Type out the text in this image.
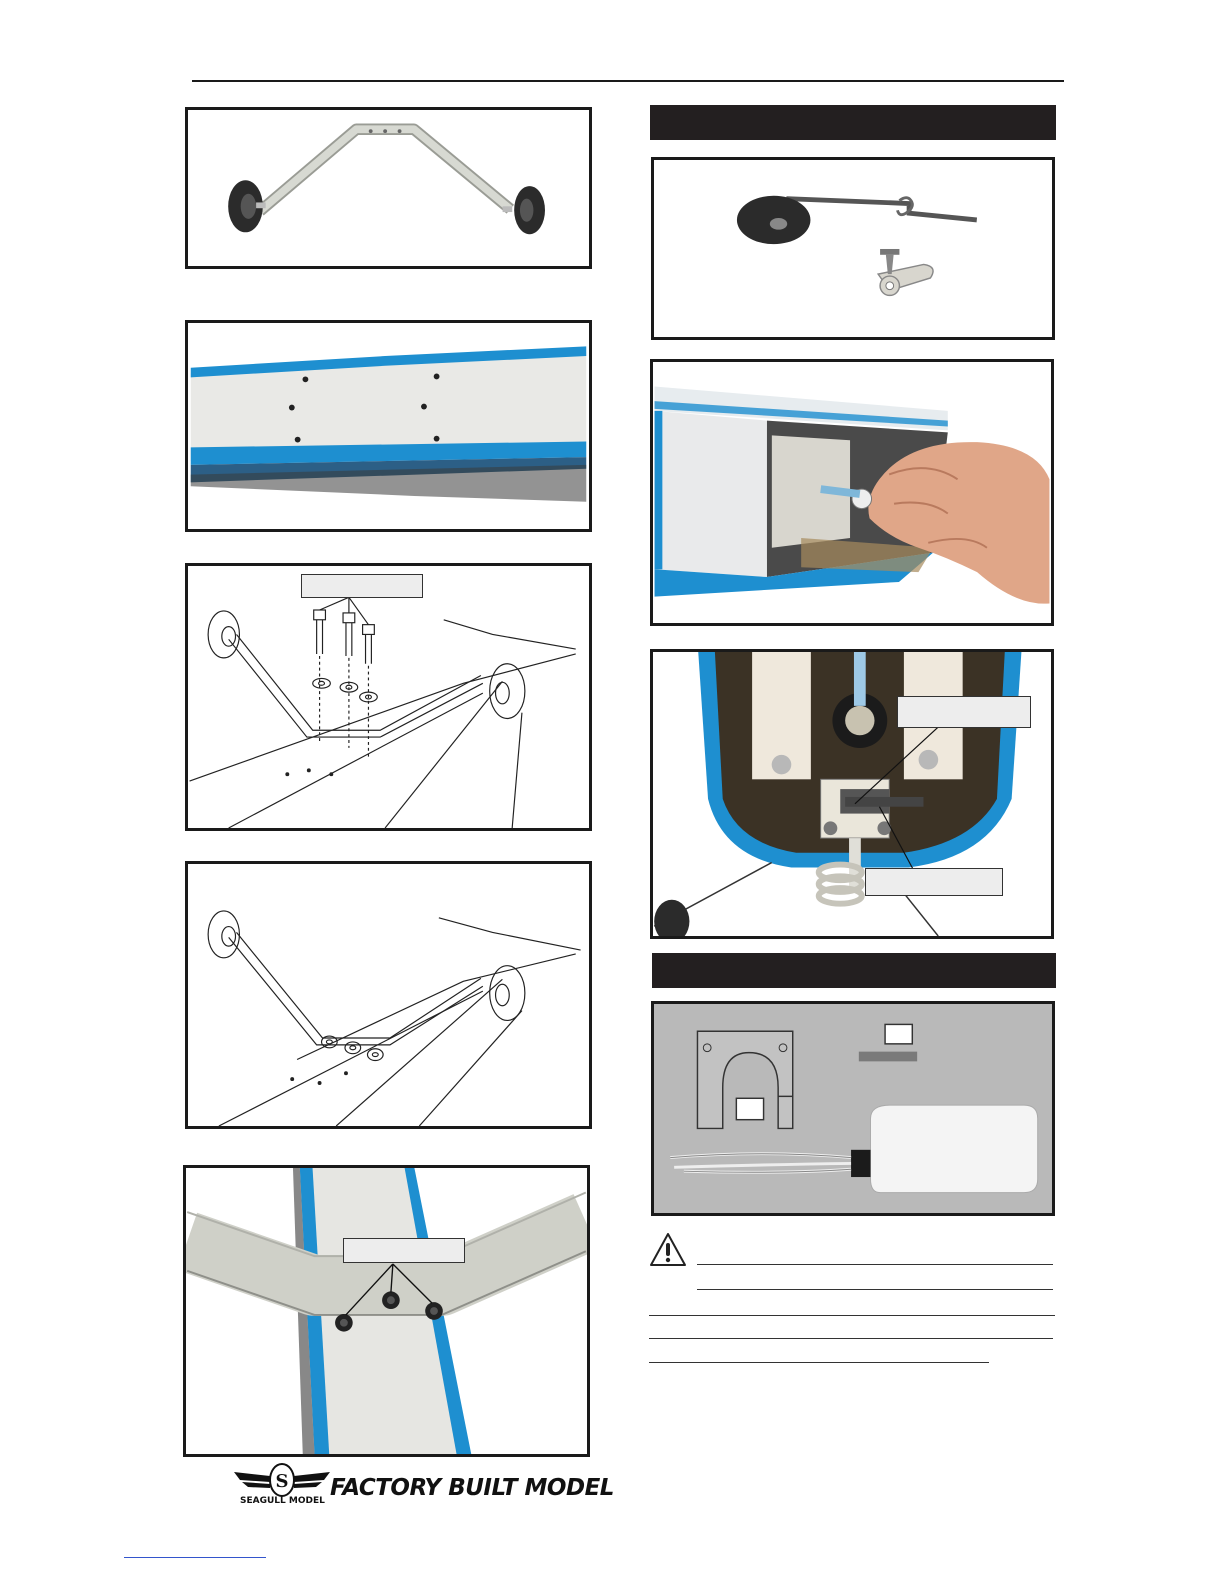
S
SEAGULL MODEL FACTORY BUILT MODEL
